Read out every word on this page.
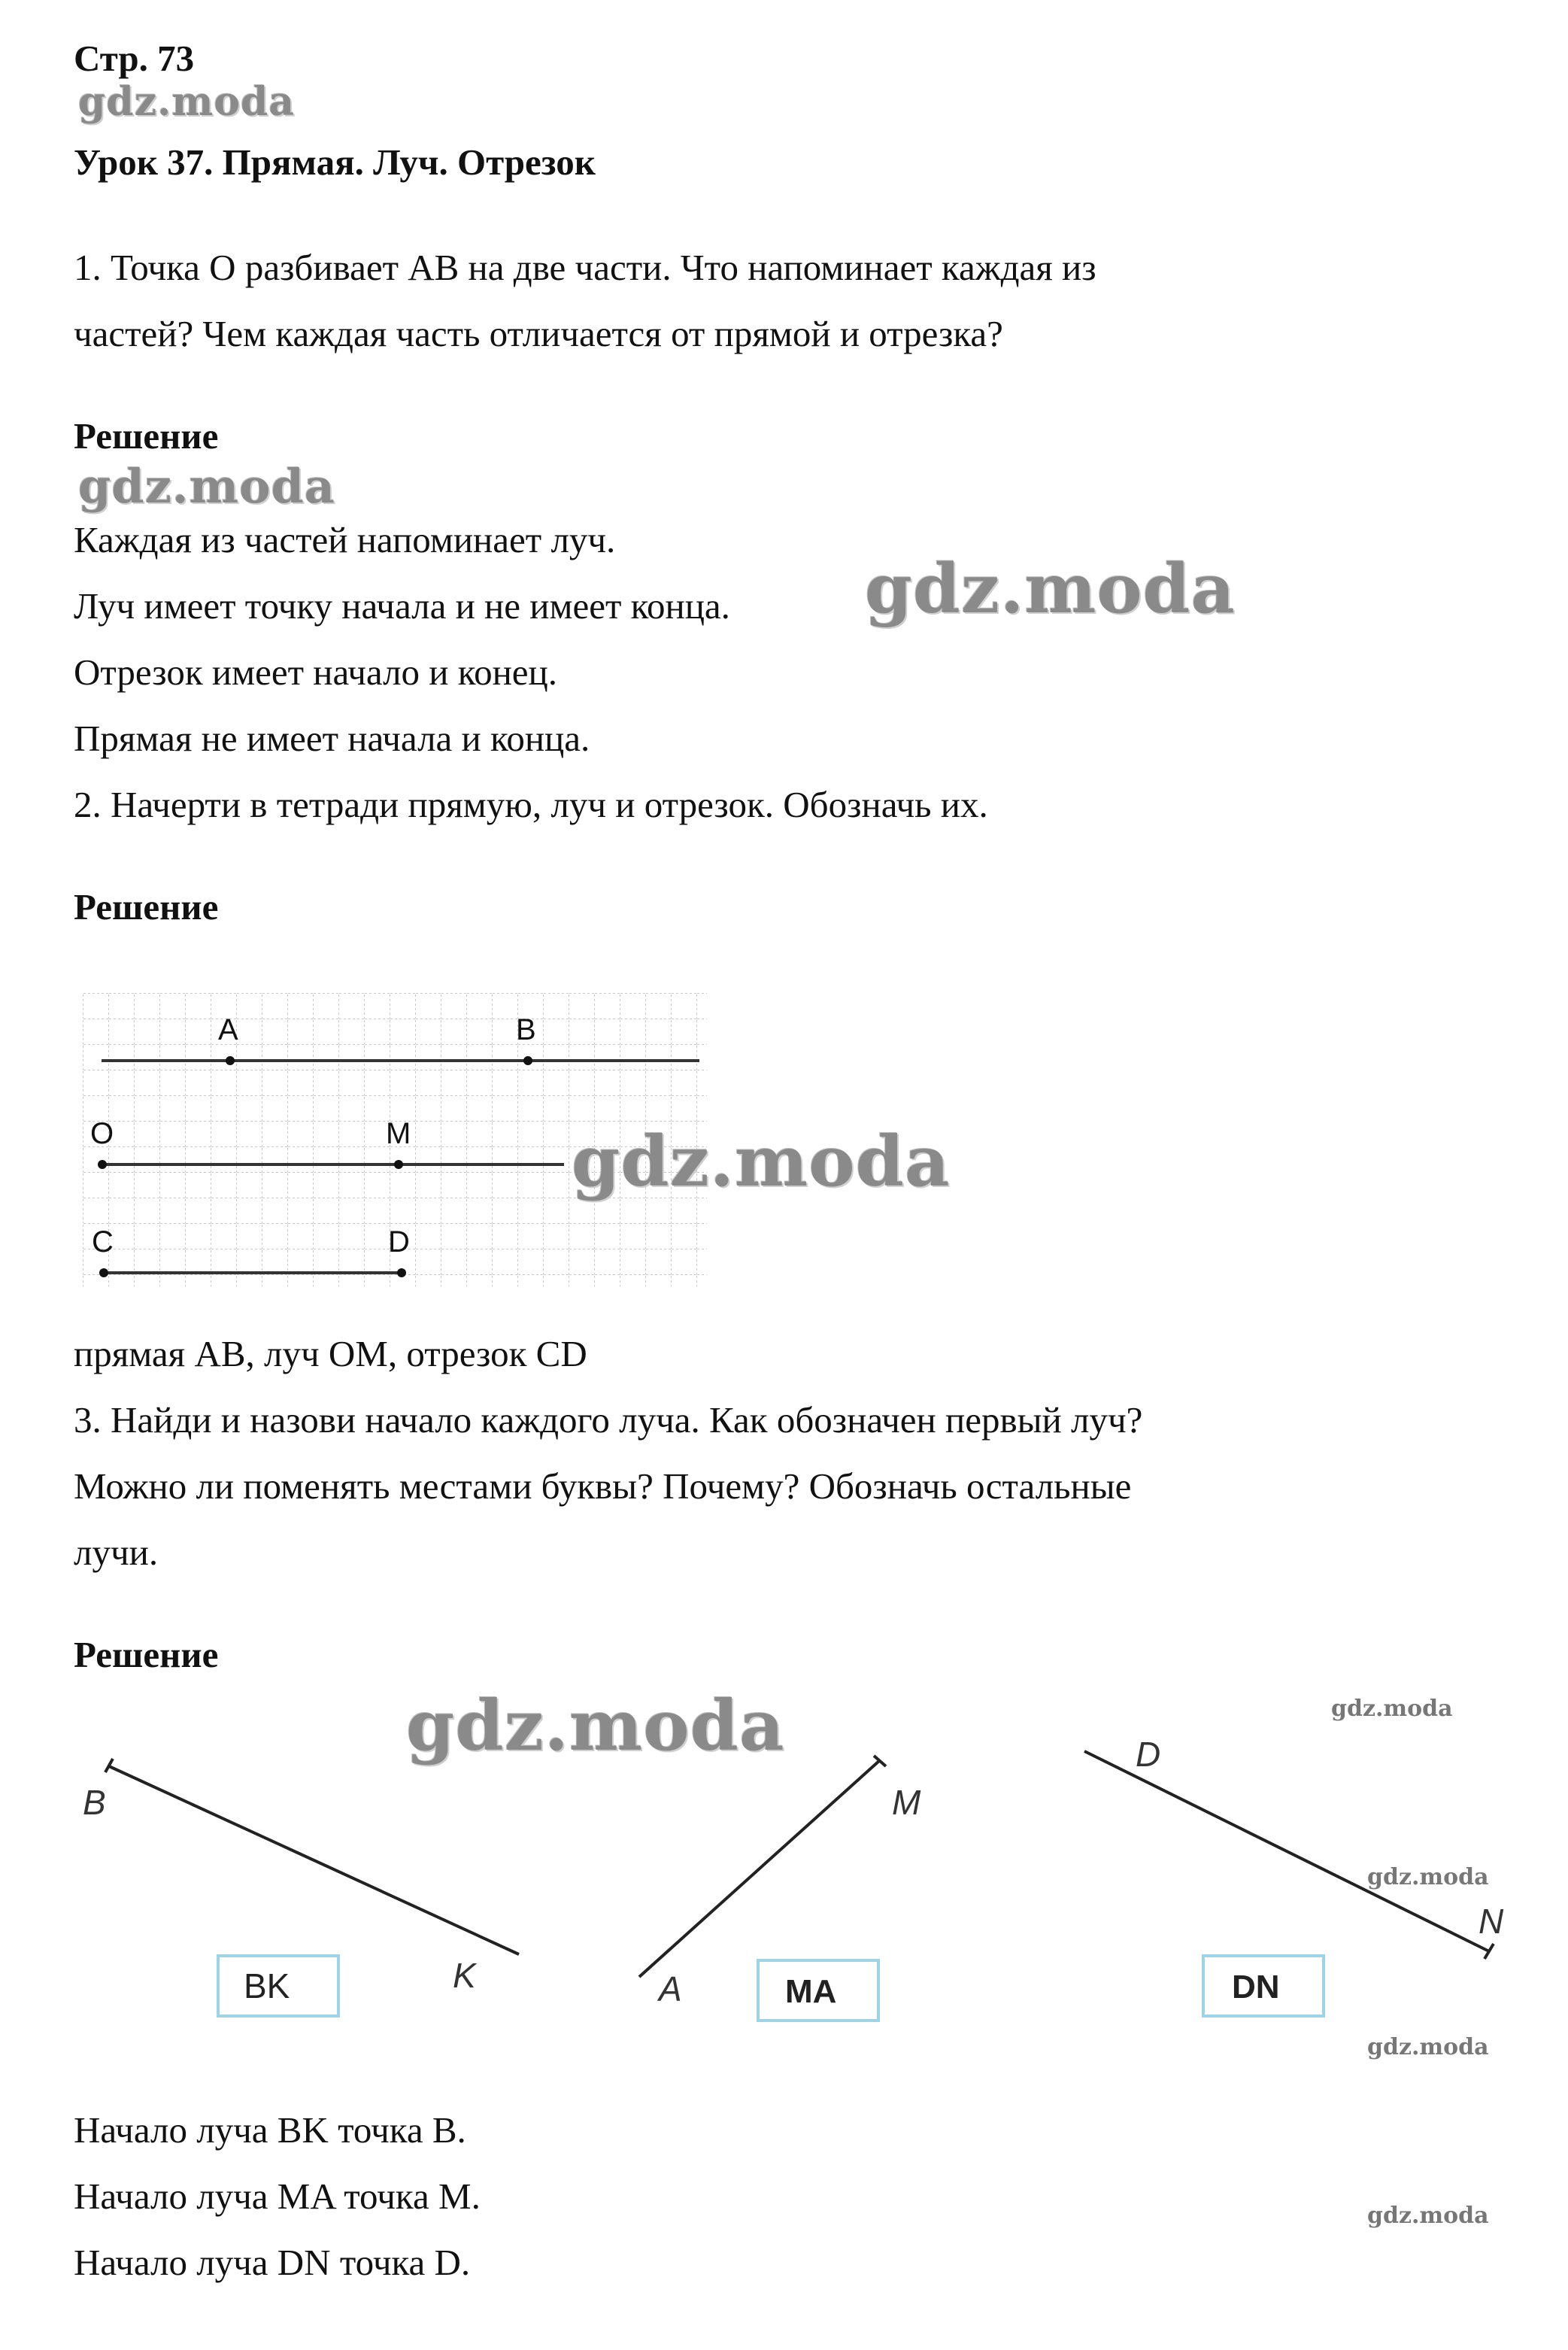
Стр. 73
gdz.moda
Урок 37. Прямая. Луч. Отрезок
1. Точка O разбивает AB на две части. Что напоминает каждая из
частей? Чем каждая часть отличается от прямой и отрезка?
Решение
gdz.moda
Каждая из частей напоминает луч.
Луч имеет точку начала и не имеет конца. gdz.moda
Отрезок имеет начало и конец.
Прямая не имеет начала и конца.
2. Начерти в тетради прямую, луч и отрезок. Обозначь их.
Решение
A	B
O	M
C	D
gdz.moda
прямая AB, луч OM, отрезок CD
3. Найди и назови начало каждого луча. Как обозначен первый луч?
Можно ли поменять местами буквы? Почему? Обозначь остальные
лучи.
Решение
B
K
BK
M
A	MA
N
D
DN
gdz.moda	gdz.moda
gdz.moda
gdz.moda
Начало луча BK точка B.
Начало луча MA точка M.	gdz.moda
Начало луча DN точка D.
